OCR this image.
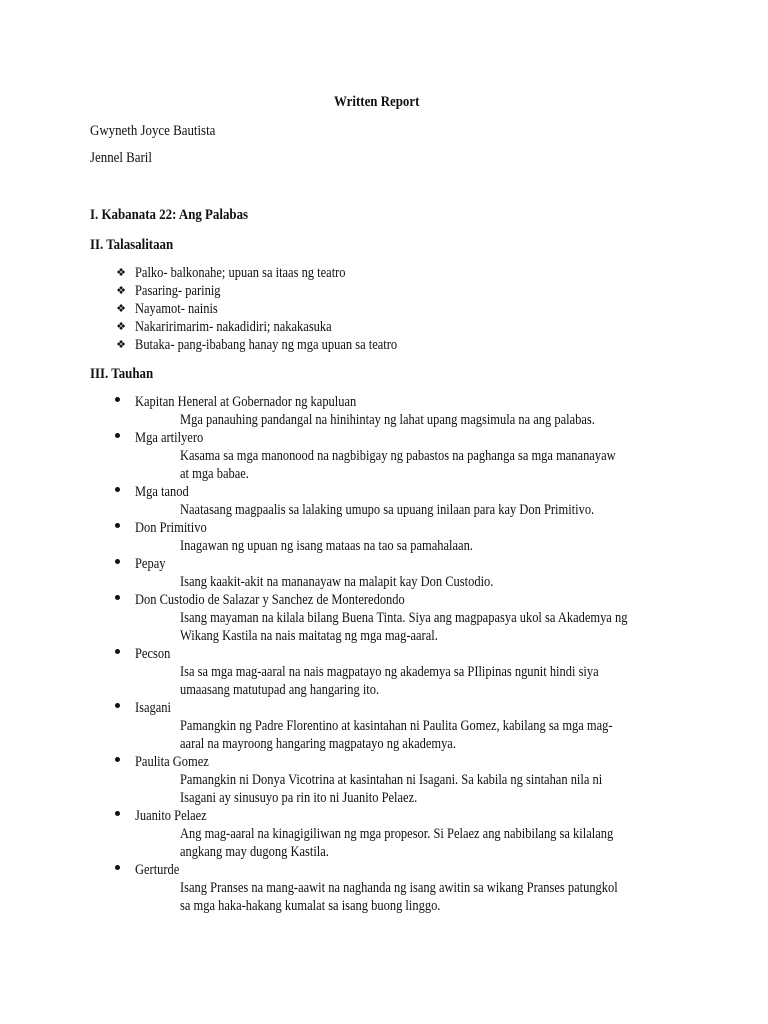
Written Report
Gwyneth Joyce Bautista
Jennel Baril
I. Kabanata 22: Ang Palabas
II. Talasalitaan
❖ Palko- balkonahe; upuan sa itaas ng teatro
❖ Pasaring- parinig
❖ Nayamot- nainis
❖ Nakaririmarim- nakadidiri; nakakasuka
❖ Butaka- pang-ibabang hanay ng mga upuan sa teatro
III. Tauhan
Kapitan Heneral at Gobernador ng kapuluan
Mga panauhing pandangal na hinihintay ng lahat upang magsimula na ang palabas.
Mga artilyero
Kasama sa mga manonood na nagbibigay ng pabastos na paghanga sa mga mananayaw
at mga babae.
Mga tanod
Naatasang magpaalis sa lalaking umupo sa upuang inilaan para kay Don Primitivo.
Don Primitivo
Inagawan ng upuan ng isang mataas na tao sa pamahalaan.
Pepay
Isang kaakit-akit na mananayaw na malapit kay Don Custodio.
Don Custodio de Salazar y Sanchez de Monteredondo
Isang mayaman na kilala bilang Buena Tinta. Siya ang magpapasya ukol sa Akademya ng
Wikang Kastila na nais maitatag ng mga mag-aaral.
Pecson
Isa sa mga mag-aaral na nais magpatayo ng akademya sa PIlipinas ngunit hindi siya
umaasang matutupad ang hangaring ito.
Isagani
Pamangkin ng Padre Florentino at kasintahan ni Paulita Gomez, kabilang sa mga mag-
aaral na mayroong hangaring magpatayo ng akademya.
Paulita Gomez
Pamangkin ni Donya Vicotrina at kasintahan ni Isagani. Sa kabila ng sintahan nila ni
Isagani ay sinusuyo pa rin ito ni Juanito Pelaez.
Juanito Pelaez
Ang mag-aaral na kinagigiliwan ng mga propesor. Si Pelaez ang nabibilang sa kilalang
angkang may dugong Kastila.
Gerturde
Isang Pranses na mang-aawit na naghanda ng isang awitin sa wikang Pranses patungkol
sa mga haka-hakang kumalat sa isang buong linggo.
